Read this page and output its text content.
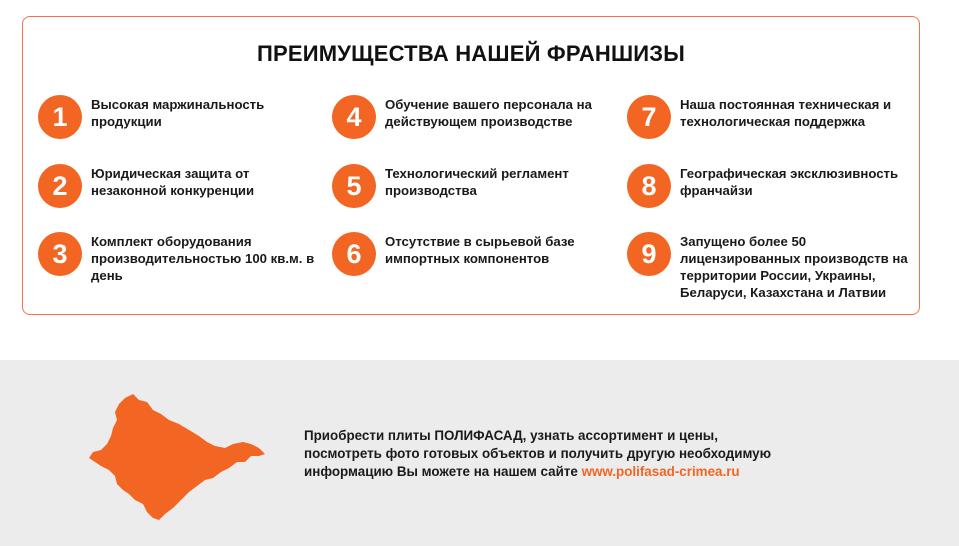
ПРЕИМУЩЕСТВА НАШЕЙ ФРАНШИЗЫ
1	Высокая маржинальность
продукции
2	Юридическая защита от
незаконной конкуренции
3	Комплект оборудования
производительностью 100 кв.м. в
день
4	Обучение вашего персонала на
действующем производстве
5	Технологический регламент
производства
6	Отсутствие в сырьевой базе
импортных компонентов
7	Наша постоянная техническая и
технологическая поддержка
8	Географическая эксклюзивность
франчайзи
9	Запущено более 50
лицензированных производств на
территории России, Украины,
Беларуси, Казахстана и Латвии
Приобрести плиты ПОЛИФАСАД, узнать ассортимент и цены,
посмотреть фото готовых объектов и получить другую необходимую
информацию Вы можете на нашем сайте www.polifasad-crimea.ru
